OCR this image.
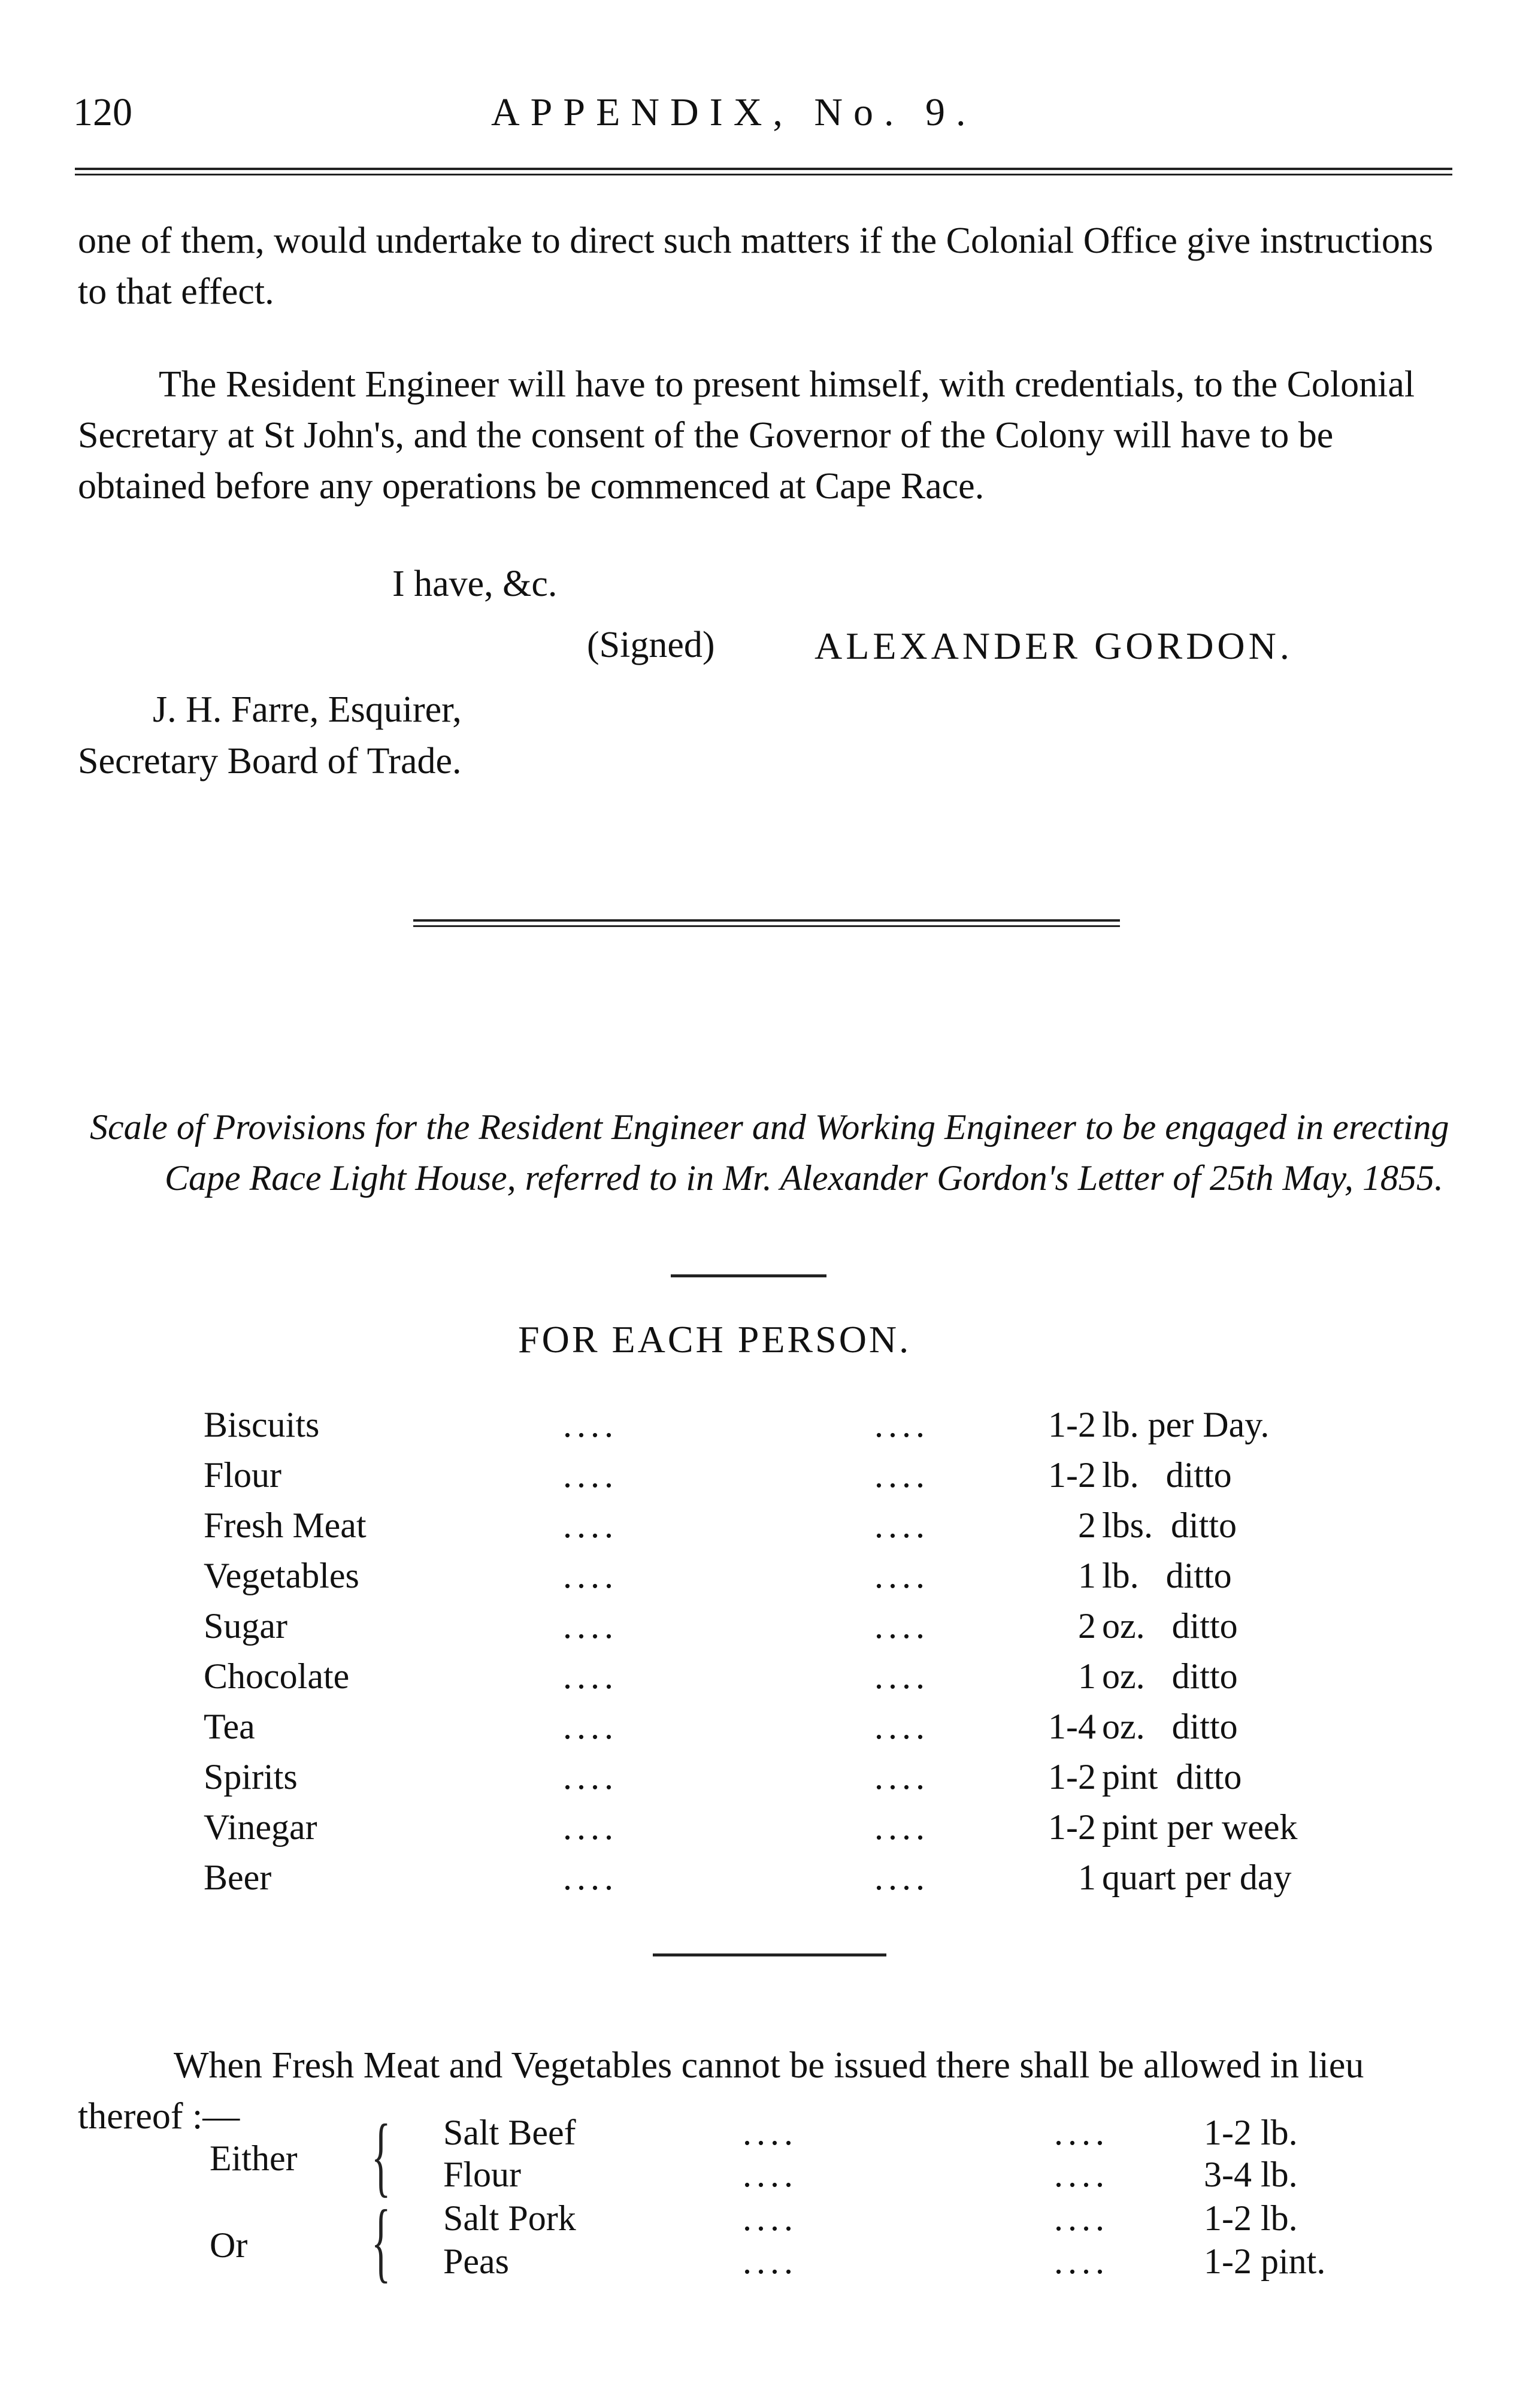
120	APPENDIX, No. 9.

one of them, would undertake to direct such matters if the Colonial Office give instructions to that effect.

The Resident Engineer will have to present himself, with credentials, to the Colonial Secretary at St John's, and the consent of the Governor of the Colony will have to be obtained before any operations be commenced at Cape Race.

I have, &c.
(Signed)	ALEXANDER GORDON.
J. H. Farre, Esquirer,
Secretary Board of Trade.

Scale of Provisions for the Resident Engineer and Working Engineer to be engaged in erecting Cape Race Light House, referred to in Mr. Alexander Gordon's Letter of 25th May, 1855.

FOR EACH PERSON.
Biscuits	....	....	1-2 lb. per Day.
Flour	....	....	1-2 lb.   ditto
Fresh Meat	....	....	2 lbs.  ditto
Vegetables	....	....	1 lb.   ditto
Sugar	....	....	2 oz.   ditto
Chocolate	....	....	1 oz.   ditto
Tea	....	....	1-4 oz.   ditto
Spirits	....	....	1-2 pint  ditto
Vinegar	....	....	1-2 pint per week
Beer	....	....	1 quart per day

When Fresh Meat and Vegetables cannot be issued there shall be allowed in lieu thereof :—

Either { Salt Beef	....	....	1-2 lb.
Flour	....	....	3-4 lb.
Or { Salt Pork	....	....	1-2 lb.
Peas	....	....	1-2 pint.
